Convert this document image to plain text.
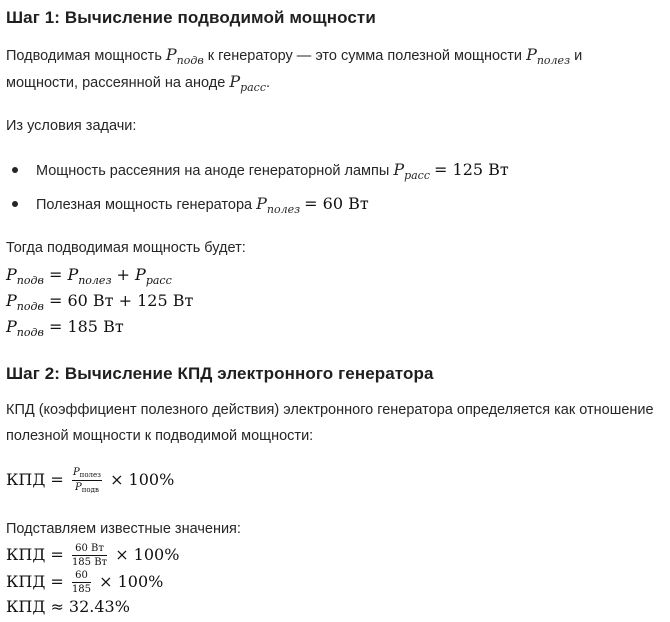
Шаг 1: Вычисление подводимой мощности
Подводимая мощность $P_{подв}$ к генератору — это сумма полезной мощности $P_{полез}$ и
мощности, рассеянной на аноде $P_{расс}$.
Из условия задачи:
Мощность рассеяния на аноде генераторной лампы $P_{расс} = 125$ Вт
Полезная мощность генератора $P_{полез} = 60$ Вт
Тогда подводимая мощность будет:
$P_{подв} = P_{полез} + P_{расс}$
$P_{подв} = 60$ Вт + 125 Вт
$P_{подв} = 185$ Вт
Шаг 2: Вычисление КПД электронного генератора
КПД (коэффициент полезного действия) электронного генератора определяется как отношение
полезной мощности к подводимой мощности:
КПД = $\frac{P_{полез}}{P_{подв}} \times 100\%$
Подставляем известные значения:
КПД = $\frac{60 Вт}{185 Вт} \times 100\%$
КПД = $\frac{60}{185} \times 100\%$
КПД ≈ 32.43%
